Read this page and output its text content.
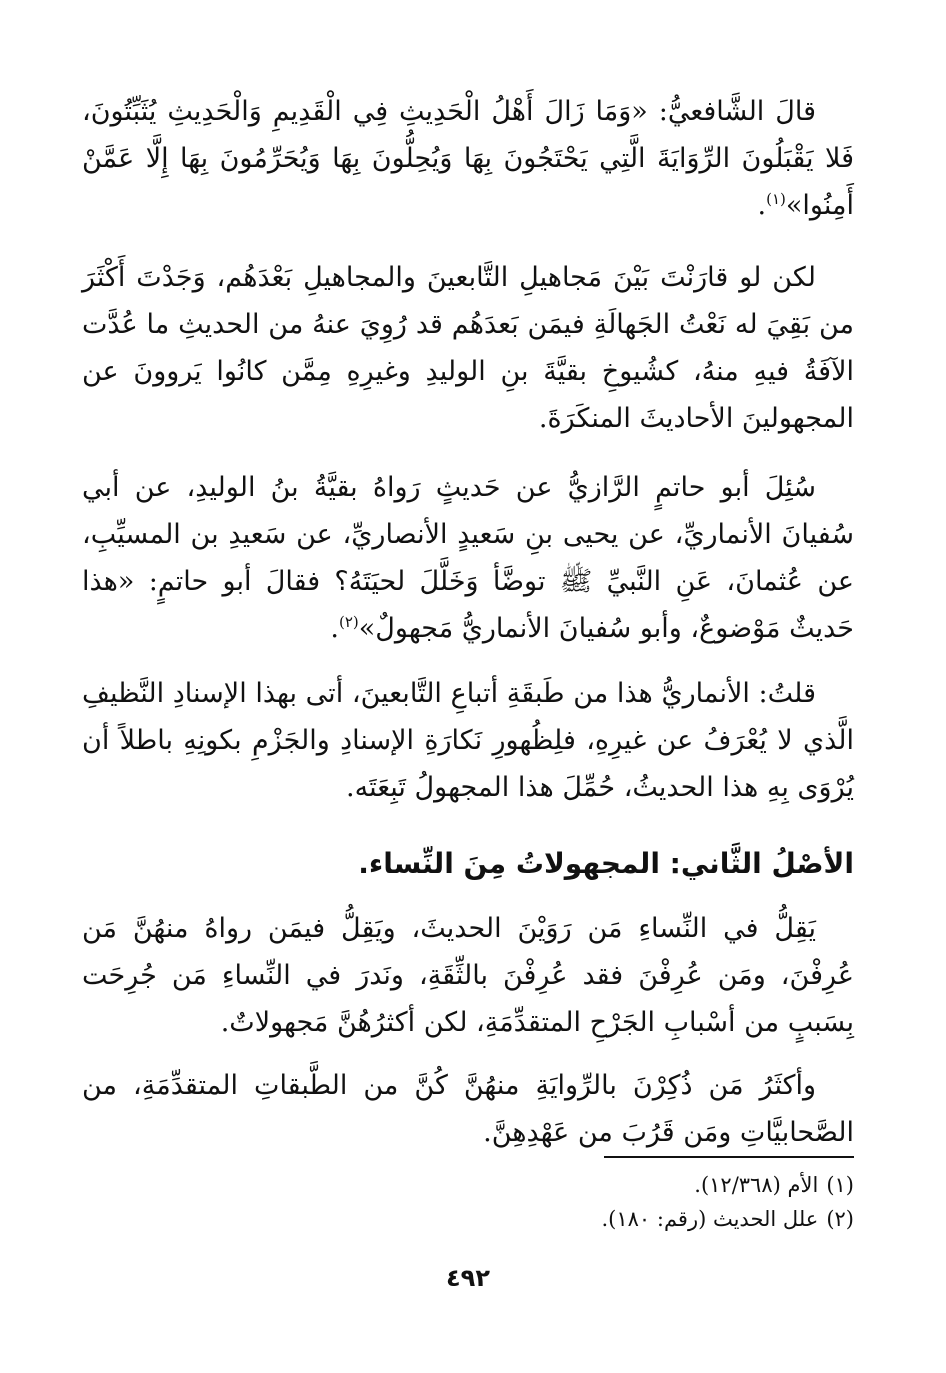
قالَ الشَّافعيُّ: «وَمَا زَالَ أَهْلُ الْحَدِيثِ فِي الْقَدِيمِ وَالْحَدِيثِ يُثَبِّتُونَ، فَلا يَقْبَلُونَ الرِّوَايَةَ الَّتِي يَحْتَجُونَ بِهَا وَيُحِلُّونَ بِهَا وَيُحَرِّمُونَ بِهَا إِلَّا عَمَّنْ أَمِنُوا»$^{(١)}$.

لكن لو قارَنْتَ بَيْنَ مَجاهيلِ التَّابعينَ والمجاهيلِ بَعْدَهُم، وَجَدْتَ أَكْثَرَ من بَقِيَ له نَعْتُ الجَهالَةِ فيمَن بَعدَهُم قد رُوِيَ عنهُ من الحديثِ ما عُدَّت الآفَةُ فيهِ منهُ، كشُيوخِ بقيَّةَ بنِ الوليدِ وغيرِهِ مِمَّن كانُوا يَروونَ عن المجهولينَ الأحاديثَ المنكَرَةَ.

سُئِلَ أبو حاتمٍ الرَّازيُّ عن حَديثٍ رَواهُ بقيَّةُ بنُ الوليدِ، عن أبي سُفيانَ الأنماريِّ، عن يحيى بنِ سَعيدٍ الأنصاريِّ، عن سَعيدِ بن المسيِّبِ، عن عُثمانَ، عَنِ النَّبيِّ ﷺ توضَّأ وَخَلَّلَ لحيَتَهُ؟ فقالَ أبو حاتمٍ: «هذا حَديثٌ مَوْضوعٌ، وأبو سُفيانَ الأنماريُّ مَجهولٌ»$^{(٢)}$.

قلتُ: الأنماريُّ هذا من طَبقَةِ أتباعِ التَّابعينَ، أتى بهذا الإسنادِ النَّظيفِ الَّذي لا يُعْرَفُ عن غيرِهِ، فلِظُهورِ نَكارَةِ الإسنادِ والجَزْمِ بكونِهِ باطلاً أن يُرْوَى بِهِ هذا الحديثُ، حُمِّلَ هذا المجهولُ تَبِعَتَه.

الأصْلُ الثَّاني: المجهولاتُ مِنَ النِّساء.

يَقِلُّ في النِّساءِ مَن رَوَيْنَ الحديثَ، ويَقِلُّ فيمَن رواهُ منهُنَّ مَن عُرِفْنَ، ومَن عُرِفْنَ فقد عُرِفْنَ بالثِّقَةِ، ونَدرَ في النِّساءِ مَن جُرِحَت بِسَببٍ من أسْبابِ الجَرْحِ المتقدِّمَةِ، لكن أكثرُهُنَّ مَجهولاتٌ.

وأكثَرُ مَن ذُكِرْنَ بالرِّوايَةِ منهُنَّ كُنَّ من الطَّبقاتِ المتقدِّمَةِ، من الصَّحابيَّاتِ ومَن قَرُبَ من عَهْدِهِنَّ.

(١)الأم (١٢/٣٦٨).

(٢)علل الحديث (رقم: ١٨٠).

٤٩٢
